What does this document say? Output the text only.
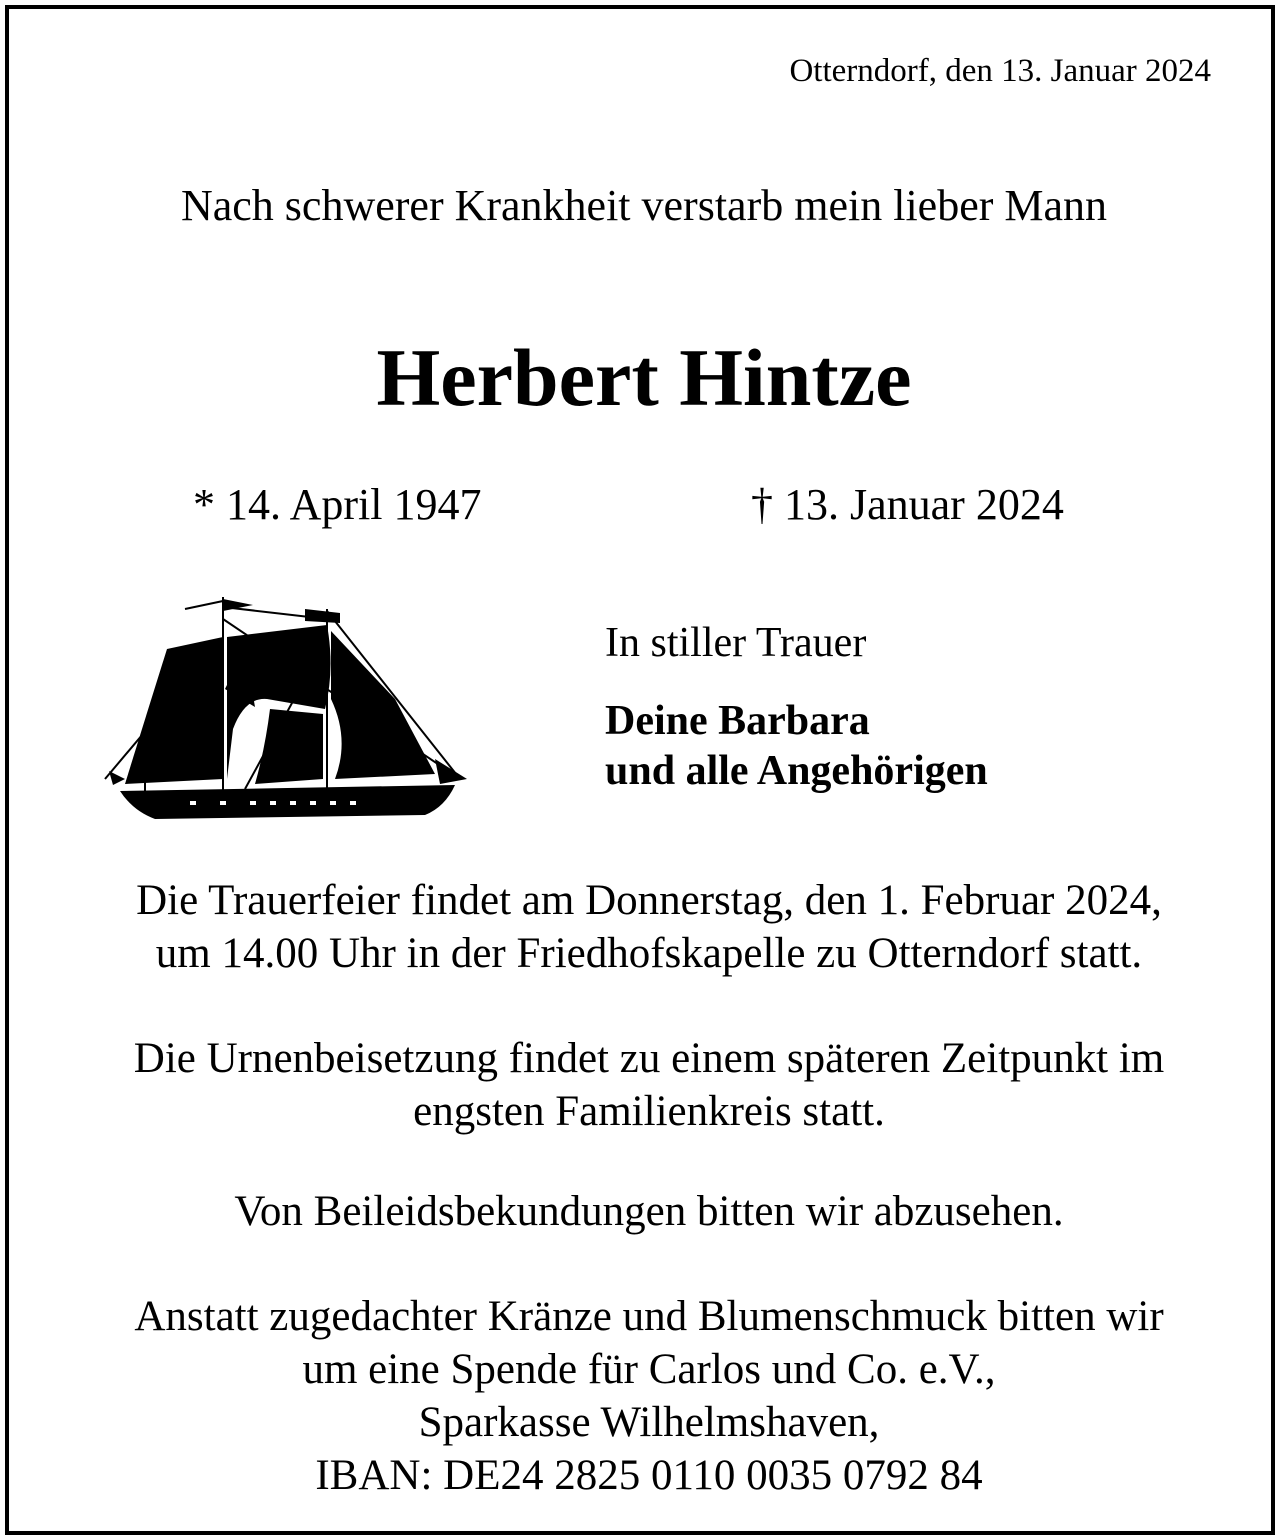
Otterndorf, den 13. Januar 2024
Nach schwerer Krankheit verstarb mein lieber Mann
Herbert Hintze
* 14. April 1947	† 13. Januar 2024
In stiller Trauer
Deine Barbara
und alle Angehörigen
Die Trauerfeier findet am Donnerstag, den 1. Februar 2024,
um 14.00 Uhr in der Friedhofskapelle zu Otterndorf statt.
Die Urnenbeisetzung findet zu einem späteren Zeitpunkt im
engsten Familienkreis statt.
Von Beileidsbekundungen bitten wir abzusehen.
Anstatt zugedachter Kränze und Blumenschmuck bitten wir
um eine Spende für Carlos und Co. e.V.,
Sparkasse Wilhelmshaven,
IBAN: DE24 2825 0110 0035 0792 84
